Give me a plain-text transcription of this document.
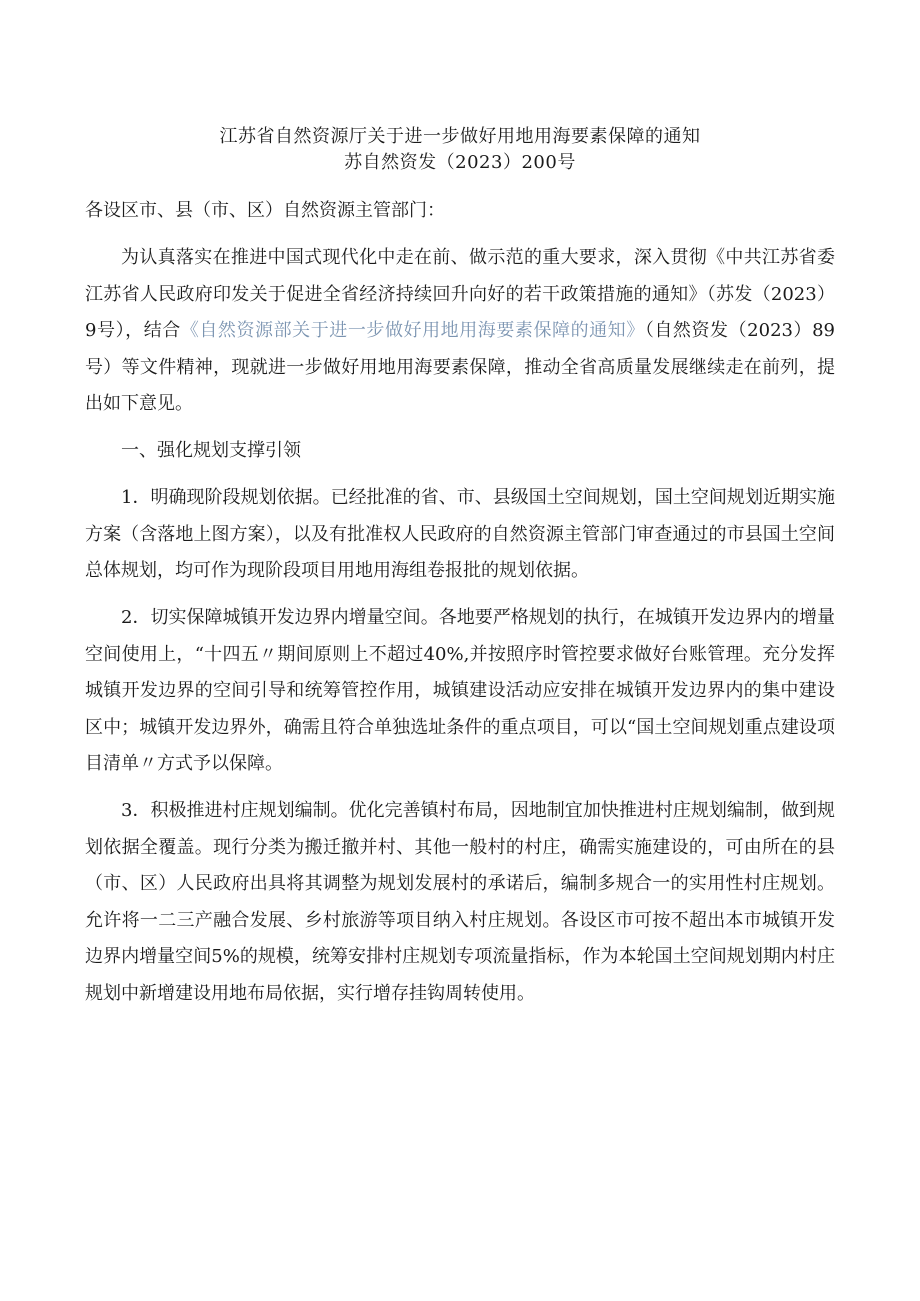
江苏省自然资源厅关于进一步做好用地用海要素保障的通知
苏自然资发（2023）200号

各设区市、县（市、区）自然资源主管部门：

为认真落实在推进中国式现代化中走在前、做示范的重大要求，深入贯彻《中共江苏省委江苏省人民政府印发关于促进全省经济持续回升向好的若干政策措施的通知》（苏发（2023）9号），结合《自然资源部关于进一步做好用地用海要素保障的通知》（自然资发（2023）89号）等文件精神，现就进一步做好用地用海要素保障，推动全省高质量发展继续走在前列，提出如下意见。

一、强化规划支撑引领

1．明确现阶段规划依据。已经批准的省、市、县级国土空间规划，国土空间规划近期实施方案（含落地上图方案），以及有批准权人民政府的自然资源主管部门审查通过的市县国土空间总体规划，均可作为现阶段项目用地用海组卷报批的规划依据。

2．切实保障城镇开发边界内增量空间。各地要严格规划的执行，在城镇开发边界内的增量空间使用上，“十四五〃期间原则上不超过40%,并按照序时管控要求做好台账管理。充分发挥城镇开发边界的空间引导和统筹管控作用，城镇建设活动应安排在城镇开发边界内的集中建设区中；城镇开发边界外，确需且符合单独选址条件的重点项目，可以“国土空间规划重点建设项目清单〃方式予以保障。

3．积极推进村庄规划编制。优化完善镇村布局，因地制宜加快推进村庄规划编制，做到规划依据全覆盖。现行分类为搬迁撤并村、其他一般村的村庄，确需实施建设的，可由所在的县（市、区）人民政府出具将其调整为规划发展村的承诺后，编制多规合一的实用性村庄规划。允许将一二三产融合发展、乡村旅游等项目纳入村庄规划。各设区市可按不超出本市城镇开发边界内增量空间5%的规模，统筹安排村庄规划专项流量指标，作为本轮国土空间规划期内村庄规划中新增建设用地布局依据，实行增存挂钩周转使用。
